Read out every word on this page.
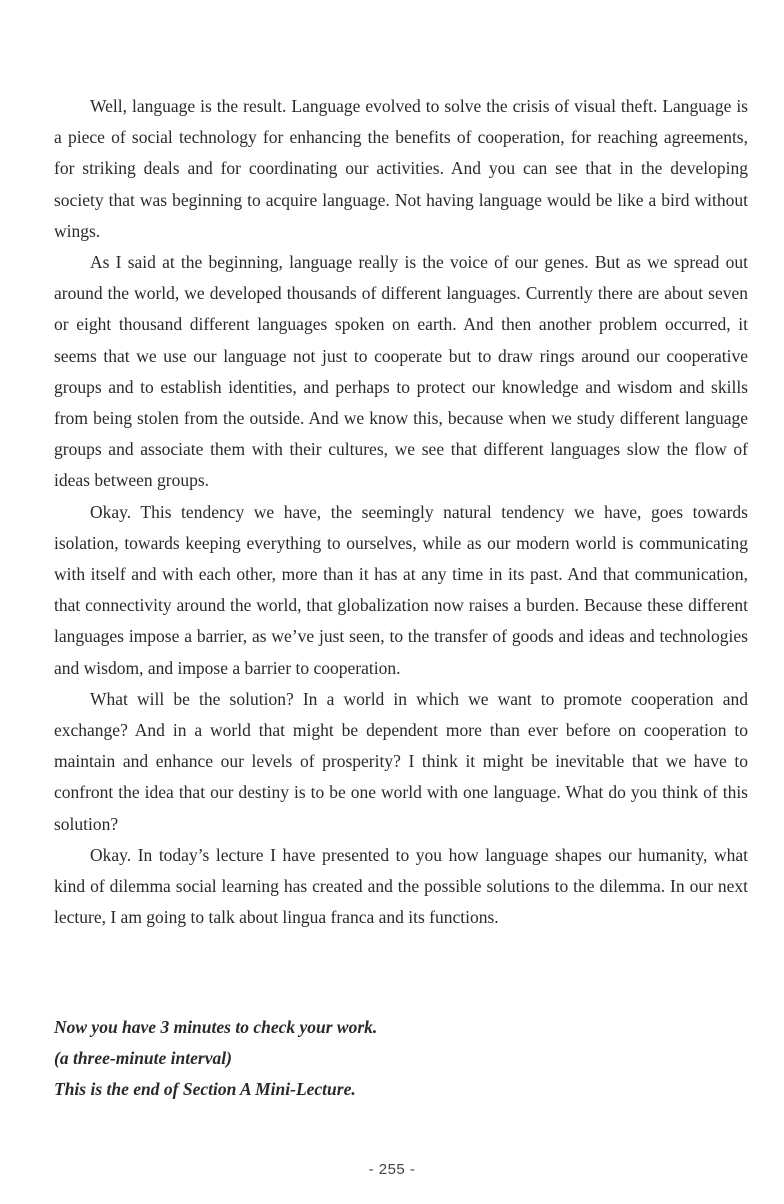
Well, language is the result. Language evolved to solve the crisis of visual theft. Language is a piece of social technology for enhancing the benefits of cooperation, for reaching agreements, for striking deals and for coordinating our activities. And you can see that in the developing society that was beginning to acquire language. Not having language would be like a bird without wings.

As I said at the beginning, language really is the voice of our genes. But as we spread out around the world, we developed thousands of different languages. Currently there are about seven or eight thousand different languages spoken on earth. And then another problem occurred, it seems that we use our language not just to cooperate but to draw rings around our cooperative groups and to establish identities, and perhaps to protect our knowledge and wisdom and skills from being stolen from the outside. And we know this, because when we study different language groups and associate them with their cultures, we see that different languages slow the flow of ideas between groups.

Okay. This tendency we have, the seemingly natural tendency we have, goes towards isolation, towards keeping everything to ourselves, while as our modern world is communicating with itself and with each other, more than it has at any time in its past. And that communication, that connectivity around the world, that globalization now raises a burden. Because these different languages impose a barrier, as we’ve just seen, to the transfer of goods and ideas and technologies and wisdom, and impose a barrier to cooperation.

What will be the solution? In a world in which we want to promote cooperation and exchange? And in a world that might be dependent more than ever before on cooperation to maintain and enhance our levels of prosperity? I think it might be inevitable that we have to confront the idea that our destiny is to be one world with one language. What do you think of this solution?

Okay. In today’s lecture I have presented to you how language shapes our humanity, what kind of dilemma social learning has created and the possible solutions to the dilemma. In our next lecture, I am going to talk about lingua franca and its functions.

Now you have 3 minutes to check your work.

(a three-minute interval)

This is the end of Section A Mini-Lecture.

- 255 -
